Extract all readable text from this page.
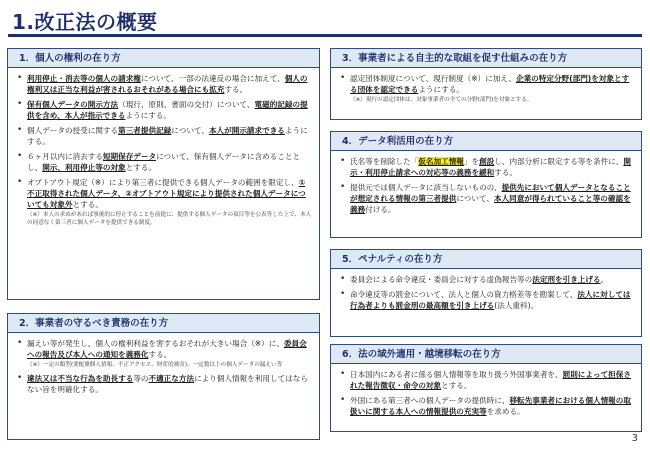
1.改正法の概要
1．個人の権利の在り方
• 利用停止・消去等の個人の請求権について、一部の法違反の場合に加えて、個人の権利又は正当な利益が害されるおそれがある場合にも拡充する。
• 保有個人データの開示方法（現行、原則、書面の交付）について、電磁的記録の提供を含め、本人が指示できるようにする。
• 個人データの授受に関する第三者提供記録について、本人が開示請求できるようにする。
• ６ヶ月以内に消去する短期保存データについて、保有個人データに含めることとし、開示、利用停止等の対象とする。
• オプトアウト規定（※）により第三者に提供できる個人データの範囲を限定し、①不正取得された個人データ、②オプトアウト規定により提供された個人データについても対象外とする。
（※）本人の求めがあれば事後的に停止することを前提に、提供する個人データの項目等を公表等した上で、本人の同意なく第三者に個人データを提供できる制度。
2．事業者の守るべき責務の在り方
• 漏えい等が発生し、個人の権利利益を害するおそれが大きい場合（※）に、委員会への報告及び本人への通知を義務化する。
（※）一定の類型(要配慮個人情報、不正アクセス、財産的被害)、一定数以上の個人データの漏えい等
• 違法又は不当な行為を助長する等の不適正な方法により個人情報を利用してはならない旨を明確化する。
3．事業者による自主的な取組を促す仕組みの在り方
• 認定団体制度について、現行制度（※）に加え、企業の特定分野(部門)を対象とする団体を認定できるようにする。
（※）現行の認定団体は、対象事業者の全ての分野(部門)を対象とする。
4．データ利活用の在り方
• 氏名等を削除した「仮名加工情報」を創設し、内部分析に限定する等を条件に、開示・利用停止請求への対応等の義務を緩和する。
• 提供元では個人データに該当しないものの、提供先において個人データとなることが想定される情報の第三者提供について、本人同意が得られていること等の確認を義務付ける。
5．ペナルティの在り方
• 委員会による命令違反・委員会に対する虚偽報告等の法定刑を引き上げる。
• 命令違反等の罰金について、法人と個人の資力格差等を勘案して、法人に対しては行為者よりも罰金刑の最高額を引き上げる(法人重科)。
6．法の域外適用・越境移転の在り方
• 日本国内にある者に係る個人情報等を取り扱う外国事業者を、罰則によって担保された報告徴収・命令の対象とする。
• 外国にある第三者への個人データの提供時に、移転先事業者における個人情報の取扱いに関する本人への情報提供の充実等を求める。
3
